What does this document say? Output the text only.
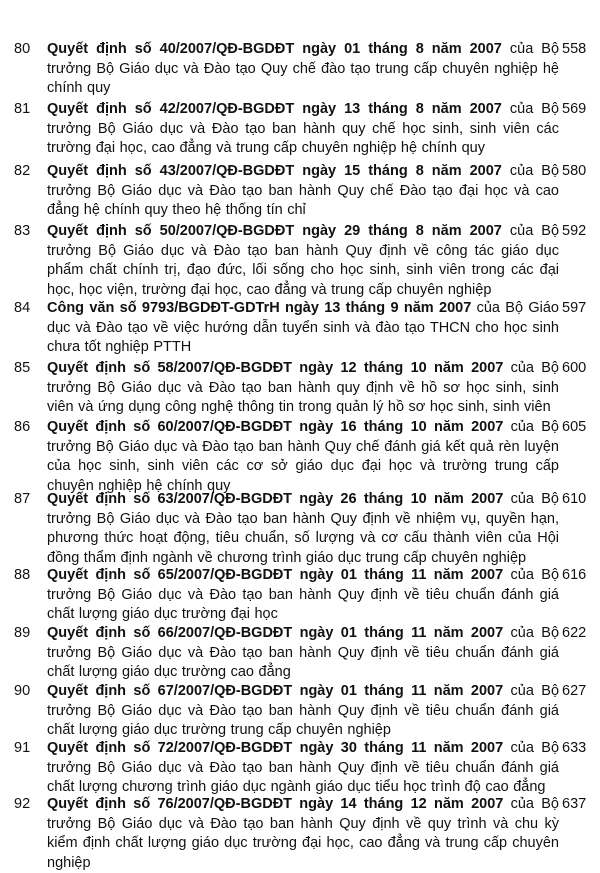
80 Quyết định số 40/2007/QĐ-BGDĐT ngày 01 tháng 8 năm 2007 của Bộ trưởng Bộ Giáo dục và Đào tạo Quy chế đào tạo trung cấp chuyên nghiệp hệ chính quy
558
81 Quyết định số 42/2007/QĐ-BGDĐT ngày 13 tháng 8 năm 2007 của Bộ trưởng Bộ Giáo dục và Đào tạo ban hành quy chế học sinh, sinh viên các trường đại học, cao đẳng và trung cấp chuyên nghiệp hệ chính quy
569
82 Quyết định số 43/2007/QĐ-BGDĐT ngày 15 tháng 8 năm 2007 của Bộ trưởng Bộ Giáo dục và Đào tạo ban hành Quy chế Đào tạo đại học và cao đẳng hệ chính quy theo hệ thống tín chỉ
580
83 Quyết định số 50/2007/QĐ-BGDĐT ngày 29 tháng 8 năm 2007 của Bộ trưởng Bộ Giáo dục và Đào tạo ban hành Quy định về công tác giáo dục phẩm chất chính trị, đạo đức, lối sống cho học sinh, sinh viên trong các đại học, học viện, trường đại học, cao đẳng và trung cấp chuyên nghiệp
592
84 Công văn số 9793/BGDĐT-GDTrH ngày 13 tháng 9 năm 2007 của Bộ Giáo dục và Đào tạo về việc hướng dẫn tuyển sinh và đào tạo THCN cho học sinh chưa tốt nghiệp PTTH
597
85 Quyết định số 58/2007/QĐ-BGDĐT ngày 12 tháng 10 năm 2007 của Bộ trưởng Bộ Giáo dục và Đào tạo ban hành quy định về hồ sơ học sinh, sinh viên và ứng dụng công nghệ thông tin trong quản lý hồ sơ học sinh, sinh viên
600
86 Quyết định số 60/2007/QĐ-BGDĐT ngày 16 tháng 10 năm 2007 của Bộ trưởng Bộ Giáo dục và Đào tạo ban hành Quy chế đánh giá kết quả rèn luyện của học sinh, sinh viên các cơ sở giáo dục đại học và trường trung cấp chuyên nghiệp hệ chính quy
605
87 Quyết định số 63/2007/QĐ-BGDĐT ngày 26 tháng 10 năm 2007 của Bộ trưởng Bộ Giáo dục và Đào tạo ban hành Quy định về nhiệm vụ, quyền hạn, phương thức hoạt động, tiêu chuẩn, số lượng và cơ cấu thành viên của Hội đồng thẩm định ngành về chương trình giáo dục trung cấp chuyên nghiệp
610
88 Quyết định số 65/2007/QĐ-BGDĐT ngày 01 tháng 11 năm 2007 của Bộ trưởng Bộ Giáo dục và Đào tạo ban hành Quy định về tiêu chuẩn đánh giá chất lượng giáo dục trường đại học
616
89 Quyết định số 66/2007/QĐ-BGDĐT ngày 01 tháng 11 năm 2007 của Bộ trưởng Bộ Giáo dục và Đào tạo ban hành Quy định về tiêu chuẩn đánh giá chất lượng giáo dục trường cao đẳng
622
90 Quyết định số 67/2007/QĐ-BGDĐT ngày 01 tháng 11 năm 2007 của Bộ trưởng Bộ Giáo dục và Đào tạo ban hành Quy định về tiêu chuẩn đánh giá chất lượng giáo dục trường trung cấp chuyên nghiệp
627
91 Quyết định số 72/2007/QĐ-BGDĐT ngày 30 tháng 11 năm 2007 của Bộ trưởng Bộ Giáo dục và Đào tạo ban hành Quy định về tiêu chuẩn đánh giá chất lượng chương trình giáo dục ngành giáo dục tiểu học trình độ cao đẳng
633
92 Quyết định số 76/2007/QĐ-BGDĐT ngày 14 tháng 12 năm 2007 của Bộ trưởng Bộ Giáo dục và Đào tạo ban hành Quy định về quy trình và chu kỳ kiểm định chất lượng giáo dục trường đại học, cao đẳng và trung cấp chuyên nghiệp
637
